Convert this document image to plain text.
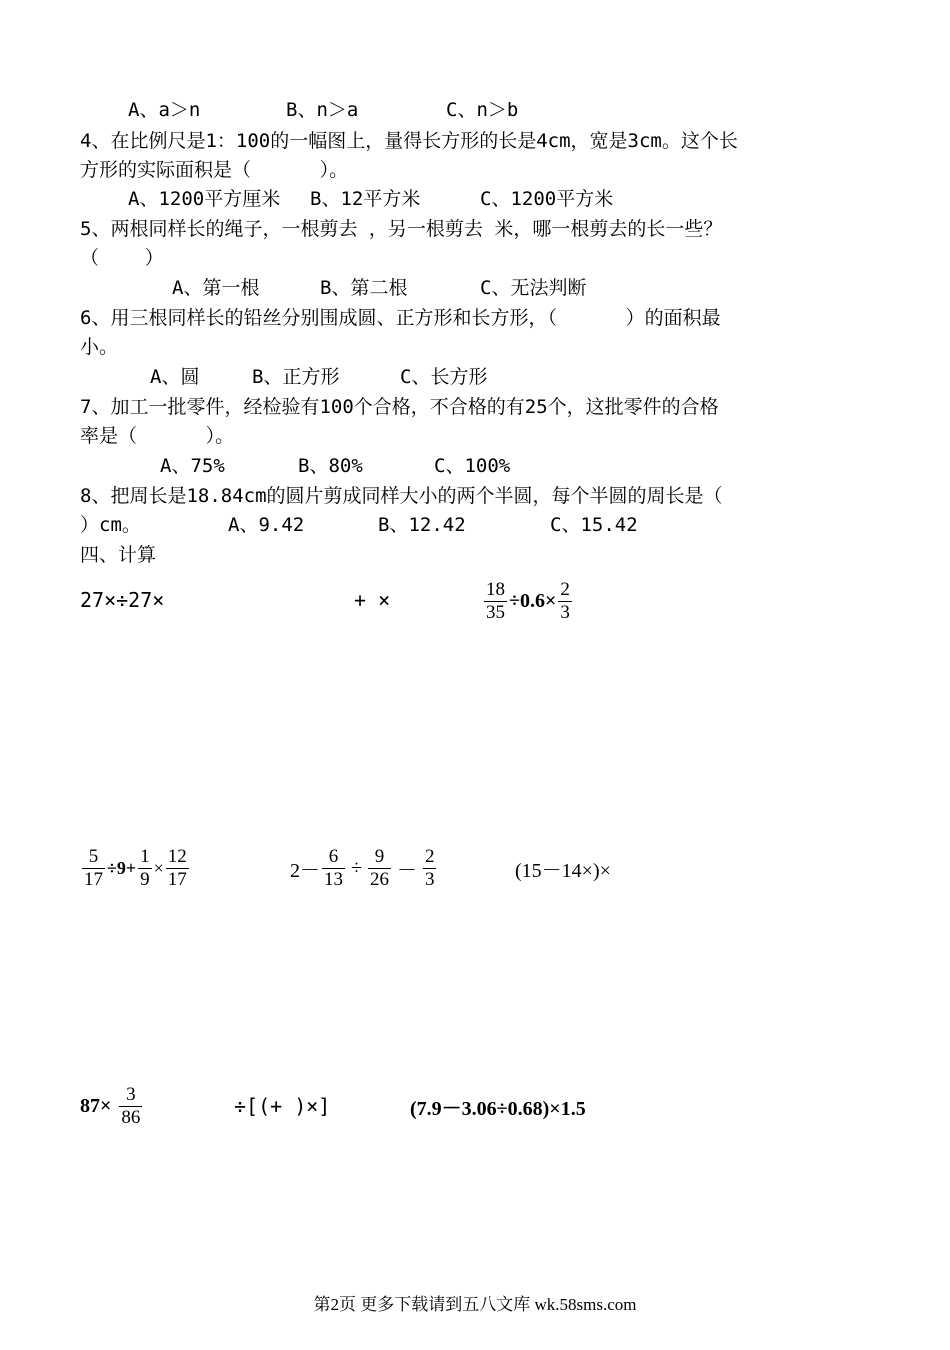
A、a＞n	B、n＞a	C、n＞b
4、在比例尺是1：100的一幅图上，量得长方形的长是4cm，宽是3cm。这个长
方形的实际面积是（      ）。
A、1200平方厘米 B、12平方米	C、1200平方米
5、两根同样长的绳子，一根剪去 ，另一根剪去 米，哪一根剪去的长一些？
（    ）
A、第一根	B、第二根	C、无法判断
6、用三根同样长的铅丝分别围成圆、正方形和长方形，（      ）的面积最
小。
A、圆	B、正方形	C、长方形
7、加工一批零件，经检验有100个合格，不合格的有25个，这批零件的合格
率是（      ）。
A、75%	B、80%	C、100%
8、把周长是18.84cm的圆片剪成同样大小的两个半圆，每个半圆的周长是（
）cm。	A、9.42	B、12.42	C、15.42
四、计算
27×÷27×	+ ×	$\frac{18}{35} \div 0.6\times \frac{2}{3}$
$\frac{5}{17} \div 9+ \frac{1}{9} \times \frac{12}{17}$	$2- \frac{6}{13} \div \frac{9}{26} - \frac{2}{3}$	(15－14×)×
$87\times \frac{3}{86}$	÷[(+ )×]	(7.9－3.06÷0.68)×1.5
第2页 更多下载请到五八文库 wk.58sms.com
